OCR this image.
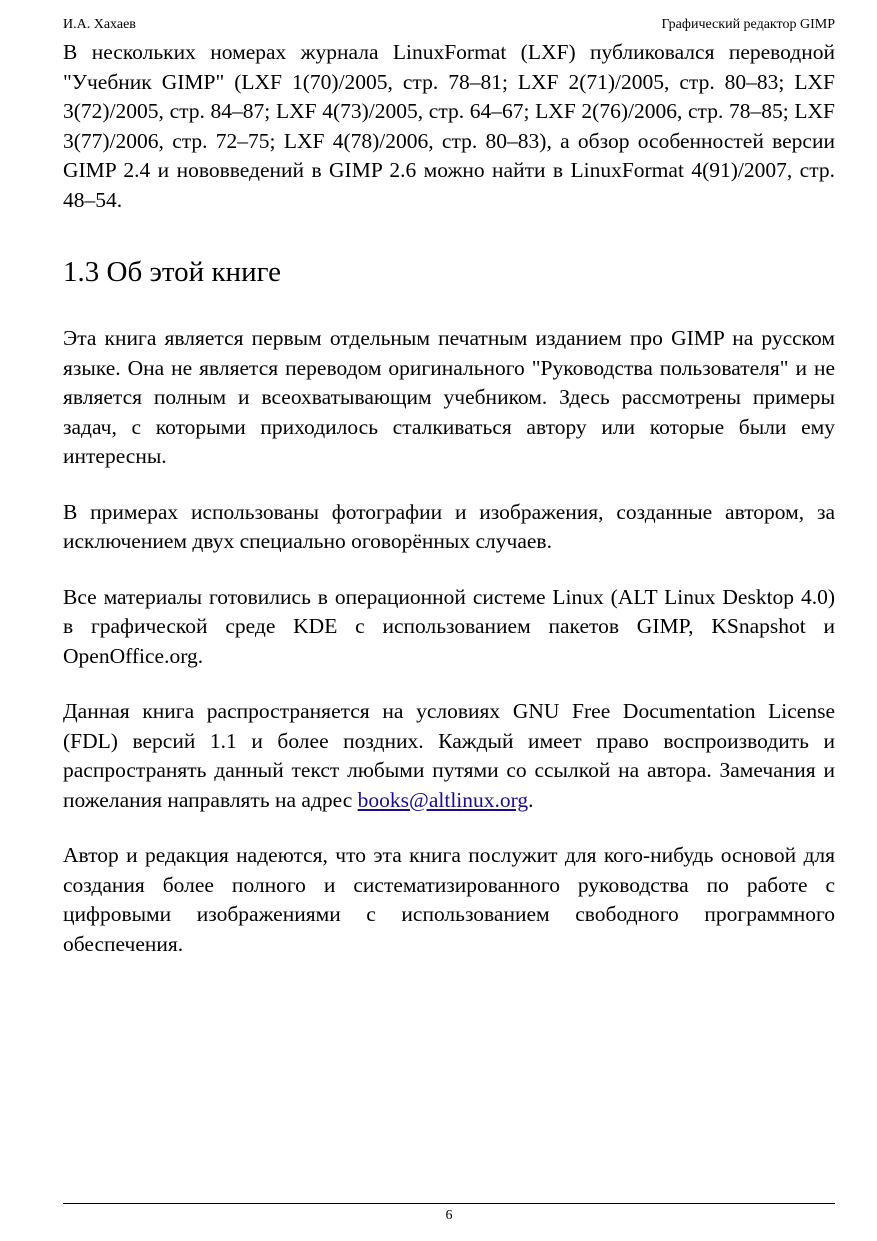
И.А. Хахаев	Графический редактор GIMP

В нескольких номерах журнала LinuxFormat (LXF) публиковался переводной "Учебник GIMP" (LXF 1(70)/2005, стр. 78–81; LXF 2(71)/2005, стр. 80–83; LXF 3(72)/2005, стр. 84–87; LXF 4(73)/2005, стр. 64–67; LXF 2(76)/2006, стр. 78–85; LXF 3(77)/2006, стр. 72–75; LXF 4(78)/2006, стр. 80–83), а обзор особенностей версии GIMP 2.4 и нововведений в GIMP 2.6 можно найти в LinuxFormat 4(91)/2007, стр. 48–54.

1.3 Об этой книге

Эта книга является первым отдельным печатным изданием про GIMP на русском языке. Она не является переводом оригинального "Руководства пользователя" и не является полным и всеохватывающим учебником. Здесь рассмотрены примеры задач, с которыми приходилось сталкиваться автору или которые были ему интересны.

В примерах использованы фотографии и изображения, созданные автором, за исключением двух специально оговорённых случаев.

Все материалы готовились в операционной системе Linux (ALT Linux Desktop 4.0) в графической среде KDE с использованием пакетов GIMP, KSnapshot и OpenOffice.org.

Данная книга распространяется на условиях GNU Free Documentation License (FDL) версий 1.1 и более поздних. Каждый имеет право воспроизводить и распространять данный текст любыми путями со ссылкой на автора. Замечания и пожелания направлять на адрес books@altlinux.org.

Автор и редакция надеются, что эта книга послужит для кого-нибудь основой для создания более полного и систематизированного руководства по работе с цифровыми изображениями с использованием свободного программного обеспечения.

6
